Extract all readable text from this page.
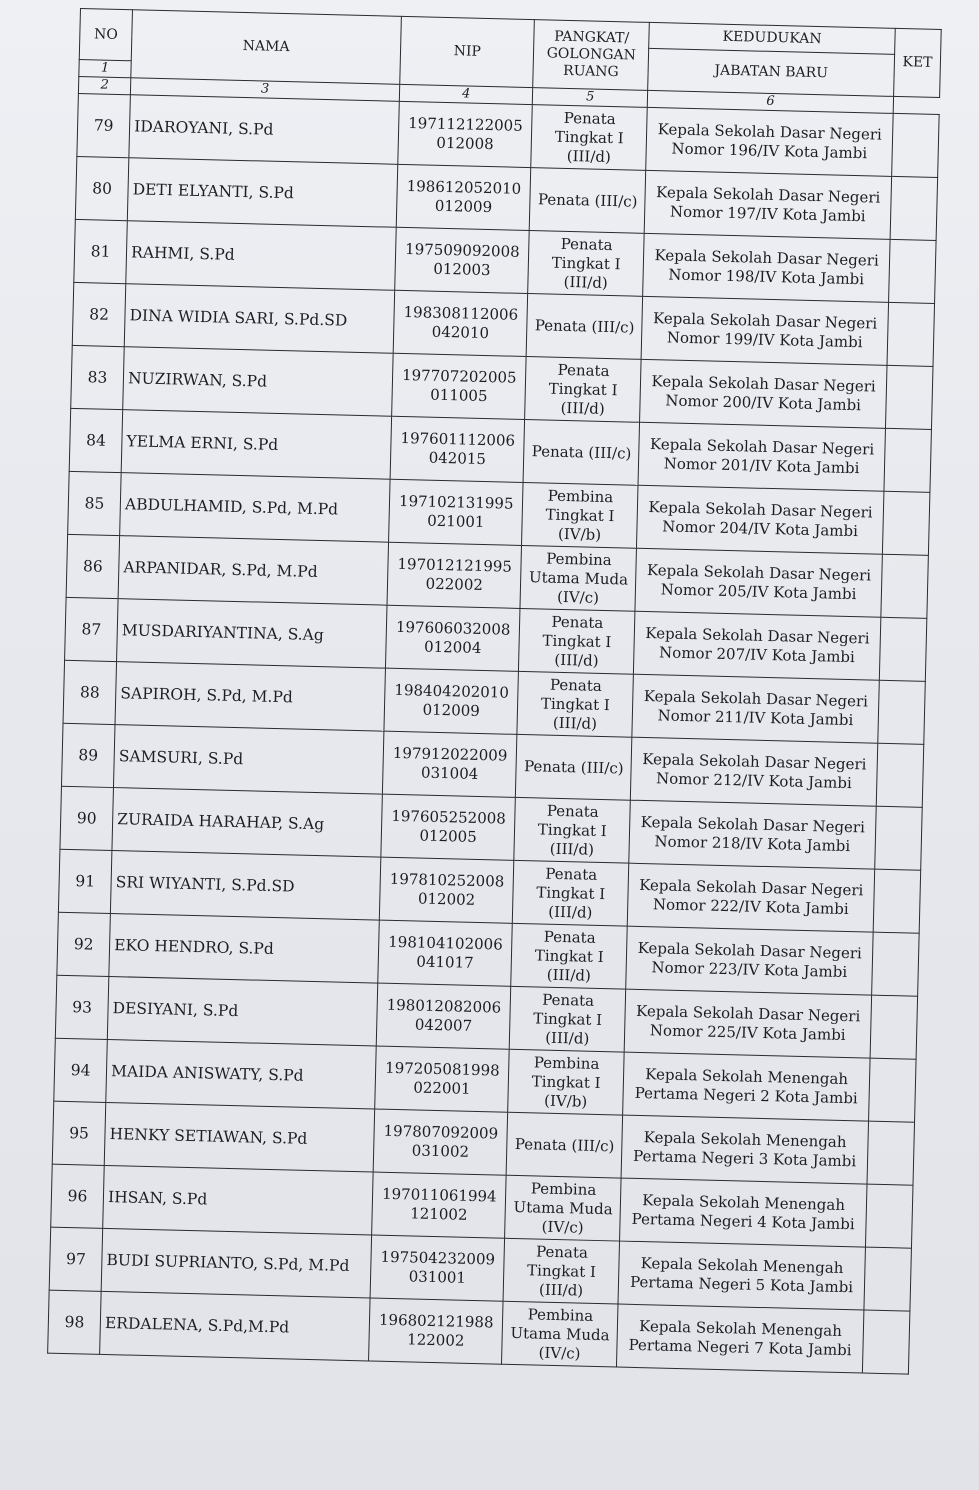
NO	NAMA	NIP	PANGKAT/ GOLONGAN RUANG	KEDUDUKAN	KET
				JABATAN BARU	
1					
2	3	4	5	6	
79	IDAROYANI, S.Pd	197112122005
012008	Penata
Tingkat I
(III/d)	Kepala Sekolah Dasar Negeri
Nomor 196/IV Kota Jambi	

80	DETI ELYANTI, S.Pd	198612052010
012009	Penata (III/c)	Kepala Sekolah Dasar Negeri
Nomor 197/IV Kota Jambi	

81	RAHMI, S.Pd	197509092008
012003	Penata
Tingkat I
(III/d)	Kepala Sekolah Dasar Negeri
Nomor 198/IV Kota Jambi	

82	DINA WIDIA SARI, S.Pd.SD	198308112006
042010	Penata (III/c)	Kepala Sekolah Dasar Negeri
Nomor 199/IV Kota Jambi	

83	NUZIRWAN, S.Pd	197707202005
011005	Penata
Tingkat I
(III/d)	Kepala Sekolah Dasar Negeri
Nomor 200/IV Kota Jambi	

84	YELMA ERNI, S.Pd	197601112006
042015	Penata (III/c)	Kepala Sekolah Dasar Negeri
Nomor 201/IV Kota Jambi	

85	ABDULHAMID, S.Pd, M.Pd	197102131995
021001	Pembina
Tingkat I
(IV/b)	Kepala Sekolah Dasar Negeri
Nomor 204/IV Kota Jambi	

86	ARPANIDAR, S.Pd, M.Pd	197012121995
022002	Pembina
Utama Muda
(IV/c)	Kepala Sekolah Dasar Negeri
Nomor 205/IV Kota Jambi	

87	MUSDARIYANTINA, S.Ag	197606032008
012004	Penata
Tingkat I
(III/d)	Kepala Sekolah Dasar Negeri
Nomor 207/IV Kota Jambi	

88	SAPIROH, S.Pd, M.Pd	198404202010
012009	Penata
Tingkat I
(III/d)	Kepala Sekolah Dasar Negeri
Nomor 211/IV Kota Jambi	

89	SAMSURI, S.Pd	197912022009
031004	Penata (III/c)	Kepala Sekolah Dasar Negeri
Nomor 212/IV Kota Jambi	

90	ZURAIDA HARAHAP, S.Ag	197605252008
012005	Penata
Tingkat I
(III/d)	Kepala Sekolah Dasar Negeri
Nomor 218/IV Kota Jambi	

91	SRI WIYANTI, S.Pd.SD	197810252008
012002	Penata
Tingkat I
(III/d)	Kepala Sekolah Dasar Negeri
Nomor 222/IV Kota Jambi	

92	EKO HENDRO, S.Pd	198104102006
041017	Penata
Tingkat I
(III/d)	Kepala Sekolah Dasar Negeri
Nomor 223/IV Kota Jambi	

93	DESIYANI, S.Pd	198012082006
042007	Penata
Tingkat I
(III/d)	Kepala Sekolah Dasar Negeri
Nomor 225/IV Kota Jambi	

94	MAIDA ANISWATY, S.Pd	197205081998
022001	Pembina
Tingkat I
(IV/b)	Kepala Sekolah Menengah
Pertama Negeri 2 Kota Jambi	

95	HENKY SETIAWAN, S.Pd	197807092009
031002	Penata (III/c)	Kepala Sekolah Menengah
Pertama Negeri 3 Kota Jambi	

96	IHSAN, S.Pd	197011061994
121002	Pembina
Utama Muda
(IV/c)	Kepala Sekolah Menengah
Pertama Negeri 4 Kota Jambi	

97	BUDI SUPRIANTO, S.Pd, M.Pd	197504232009
031001	Penata
Tingkat I
(III/d)	Kepala Sekolah Menengah
Pertama Negeri 5 Kota Jambi	

98	ERDALENA, S.Pd,M.Pd	196802121988
122002	Pembina
Utama Muda
(IV/c)	Kepala Sekolah Menengah
Pertama Negeri 7 Kota Jambi	
